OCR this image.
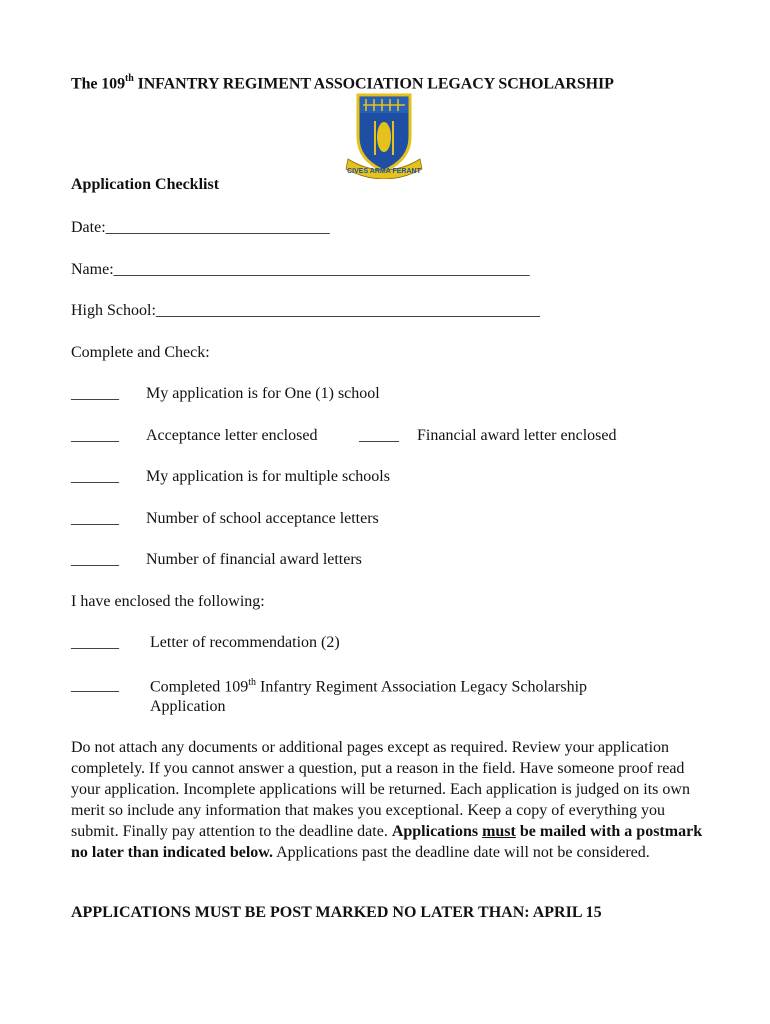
The 109th INFANTRY REGIMENT ASSOCIATION LEGACY SCHOLARSHIP
CIVES ARMA FERANT
Application Checklist
Date:____________________________
Name:____________________________________________________
High School:________________________________________________
Complete and Check:
______ My application is for One (1) school
______ Acceptance letter enclosed	_____ Financial award letter enclosed
______ My application is for multiple schools
______ Number of school acceptance letters
______ Number of financial award letters
I have enclosed the following:
______ Letter of recommendation (2)
______ Completed 109th Infantry Regiment Association Legacy Scholarship
Application
Do not attach any documents or additional pages except as required. Review your application completely. If you cannot answer a question, put a reason in the field. Have someone proof read your application. Incomplete applications will be returned. Each application is judged on its own merit so include any information that makes you exceptional. Keep a copy of everything you submit. Finally pay attention to the deadline date. Applications must be mailed with a postmark no later than indicated below. Applications past the deadline date will not be considered.
APPLICATIONS MUST BE POST MARKED NO LATER THAN: APRIL 15
